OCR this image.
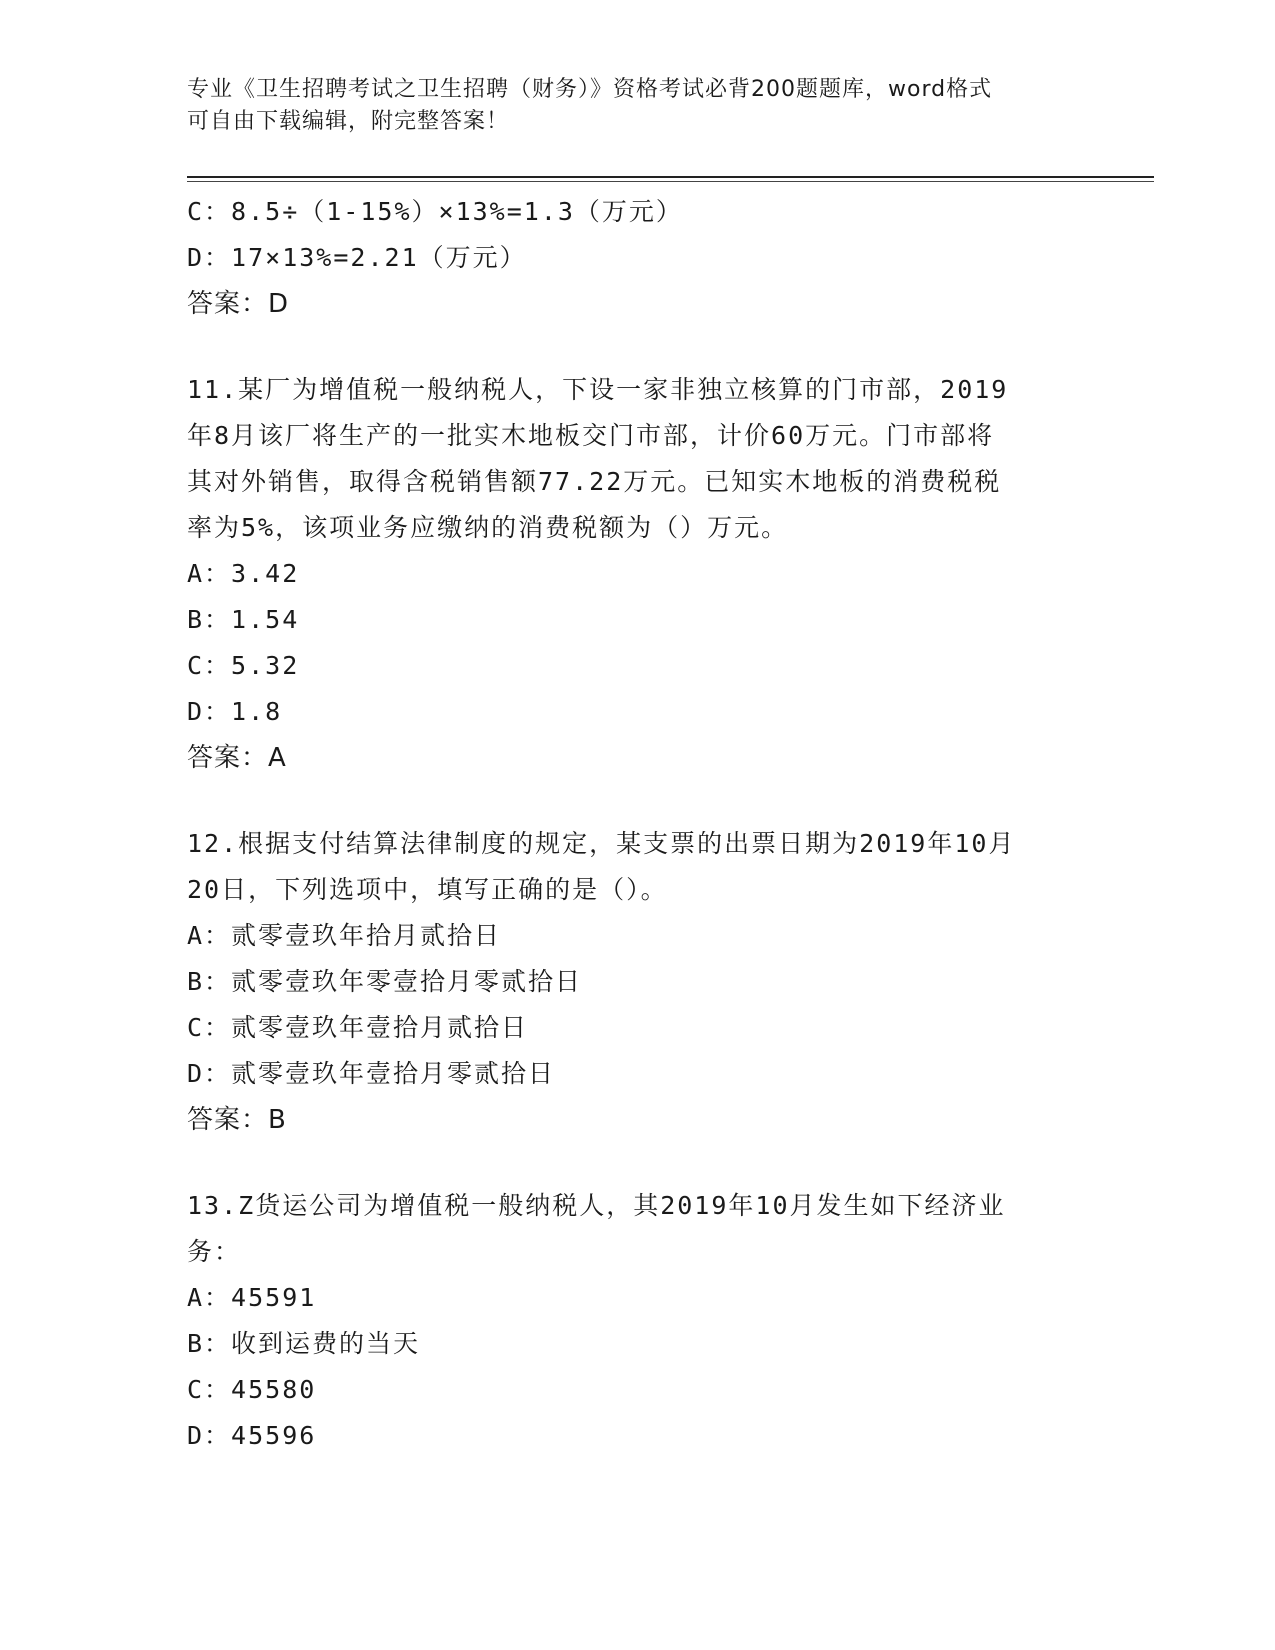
专业《卫生招聘考试之卫生招聘（财务）》资格考试必背200题题库，word格式
可自由下载编辑，附完整答案！
C：8.5÷（1-15%）×13%=1.3（万元）
D：17×13%=2.21（万元）
答案：D
11.某厂为增值税一般纳税人，下设一家非独立核算的门市部，2019
年8月该厂将生产的一批实木地板交门市部，计价60万元。门市部将
其对外销售，取得含税销售额77.22万元。已知实木地板的消费税税
率为5%，该项业务应缴纳的消费税额为（）万元。
A：3.42
B：1.54
C：5.32
D：1.8
答案：A
12.根据支付结算法律制度的规定，某支票的出票日期为2019年10月
20日，下列选项中，填写正确的是（）。
A：贰零壹玖年拾月贰拾日
B：贰零壹玖年零壹拾月零贰拾日
C：贰零壹玖年壹拾月贰拾日
D：贰零壹玖年壹拾月零贰拾日
答案：B
13.Z货运公司为增值税一般纳税人，其2019年10月发生如下经济业
务：
A：45591
B：收到运费的当天
C：45580
D：45596
